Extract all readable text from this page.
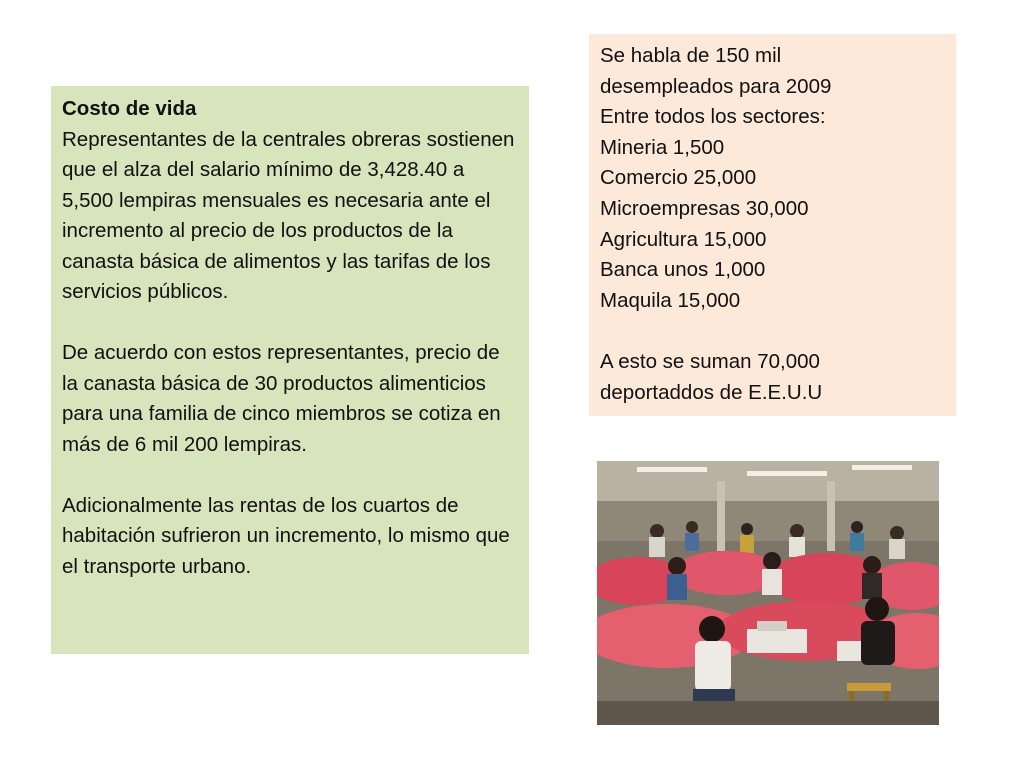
Costo de vida

Representantes de la centrales obreras sostienen que el alza del salario mínimo de 3,428.40 a 5,500 lempiras mensuales es necesaria ante el incremento al precio de los productos de la canasta básica de alimentos y las tarifas de los servicios públicos.

De acuerdo con estos representantes, precio de la canasta básica de 30 productos alimenticios para una familia de cinco miembros se cotiza en más de 6 mil 200 lempiras.

Adicionalmente las rentas de los cuartos de habitación sufrieron un incremento, lo mismo que el transporte urbano.

Se habla de 150 mil
desempleados para 2009
Entre todos los sectores:
Mineria 1,500
Comercio 25,000
Microempresas 30,000
Agricultura 15,000
Banca unos 1,000
Maquila 15,000
A esto se suman 70,000
deportaddos de E.E.U.U
